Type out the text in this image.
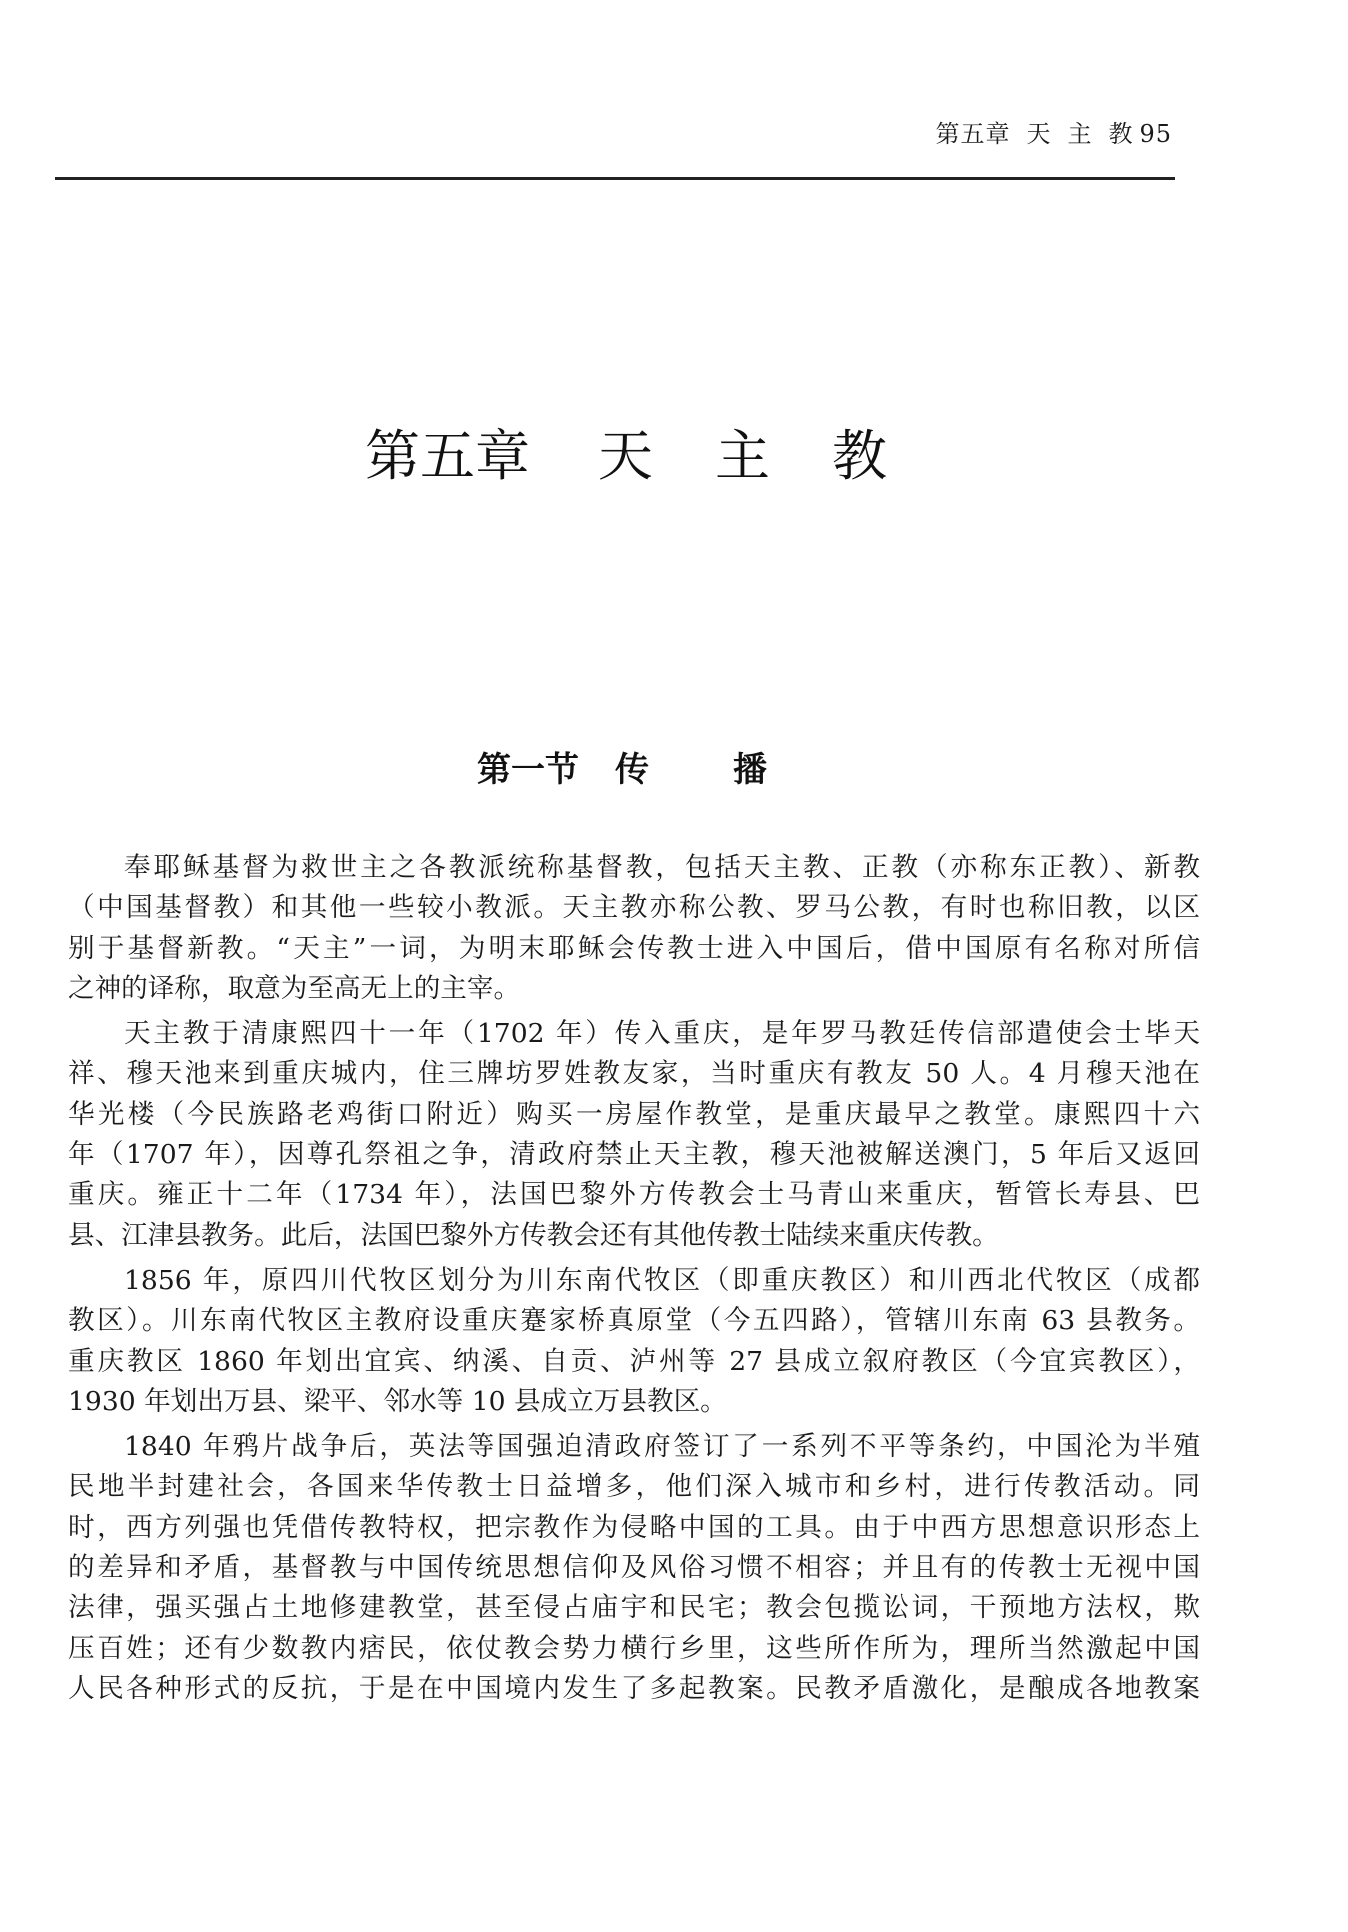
第五章 天 主 教 95
第五章 天 主 教
第一节 传 播
奉耶稣基督为救世主之各教派统称基督教，包括天主教、正教（亦称东正教）、新教
（中国基督教）和其他一些较小教派。天主教亦称公教、罗马公教，有时也称旧教，以区
别于基督新教。“天主”一词，为明末耶稣会传教士进入中国后，借中国原有名称对所信
之神的译称，取意为至高无上的主宰。
天主教于清康熙四十一年（1702 年）传入重庆，是年罗马教廷传信部遣使会士毕天
祥、穆天池来到重庆城内，住三牌坊罗姓教友家，当时重庆有教友 50 人。4 月穆天池在
华光楼（今民族路老鸡街口附近）购买一房屋作教堂，是重庆最早之教堂。康熙四十六
年（1707 年），因尊孔祭祖之争，清政府禁止天主教，穆天池被解送澳门，5 年后又返回
重庆。雍正十二年（1734 年），法国巴黎外方传教会士马青山来重庆，暂管长寿县、巴
县、江津县教务。此后，法国巴黎外方传教会还有其他传教士陆续来重庆传教。
1856 年，原四川代牧区划分为川东南代牧区（即重庆教区）和川西北代牧区（成都
教区）。川东南代牧区主教府设重庆蹇家桥真原堂（今五四路），管辖川东南 63 县教务。
重庆教区 1860 年划出宜宾、纳溪、自贡、泸州等 27 县成立叙府教区（今宜宾教区），
1930 年划出万县、梁平、邻水等 10 县成立万县教区。
1840 年鸦片战争后，英法等国强迫清政府签订了一系列不平等条约，中国沦为半殖
民地半封建社会，各国来华传教士日益增多，他们深入城市和乡村，进行传教活动。同
时，西方列强也凭借传教特权，把宗教作为侵略中国的工具。由于中西方思想意识形态上
的差异和矛盾，基督教与中国传统思想信仰及风俗习惯不相容；并且有的传教士无视中国
法律，强买强占土地修建教堂，甚至侵占庙宇和民宅；教会包揽讼词，干预地方法权，欺
压百姓；还有少数教内痞民，依仗教会势力横行乡里，这些所作所为，理所当然激起中国
人民各种形式的反抗，于是在中国境内发生了多起教案。民教矛盾激化，是酿成各地教案
